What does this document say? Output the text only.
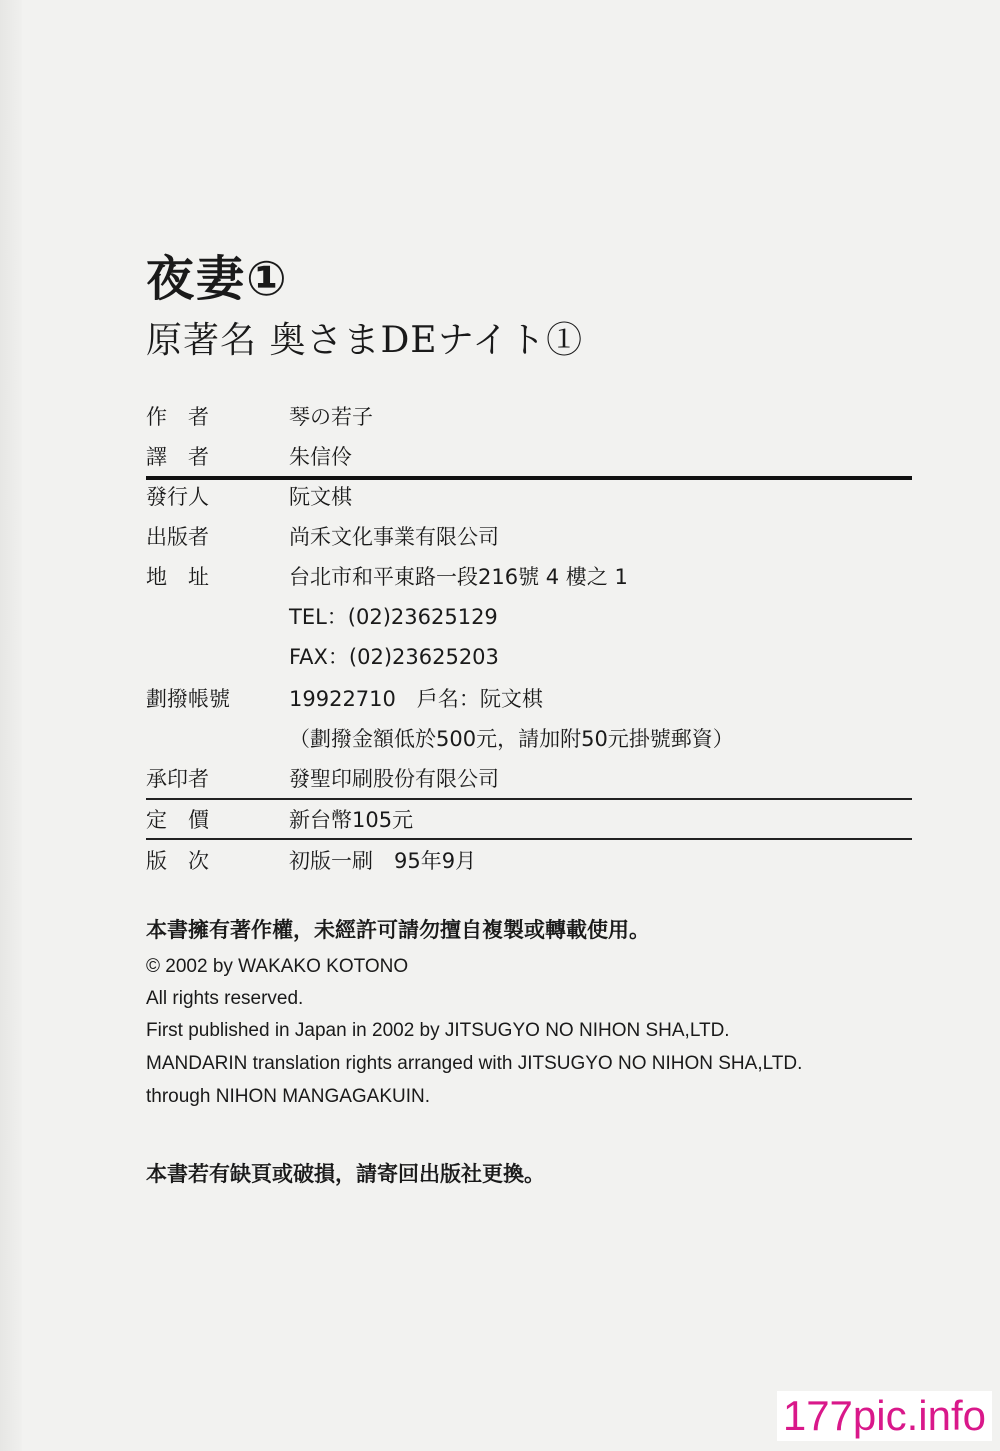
夜妻①
原著名 奥さまDEナイト①
作　者	琴の若子
譯　者	朱信伶
發行人	阮文棋
出版者	尚禾文化事業有限公司
地　址	台北市和平東路一段216號 4 樓之 1
TEL：(02)23625129
FAX：(02)23625203
劃撥帳號	19922710　戶名：阮文棋
（劃撥金額低於500元，請加附50元掛號郵資）
承印者	發聖印刷股份有限公司
定　價	新台幣105元
版　次	初版一刷　95年9月
本書擁有著作權，未經許可請勿擅自複製或轉載使用。
© 2002 by WAKAKO KOTONO
All rights reserved.
First published in Japan in 2002 by JITSUGYO NO NIHON SHA,LTD.
MANDARIN translation rights arranged with JITSUGYO NO NIHON SHA,LTD.
through NIHON MANGAGAKUIN.
本書若有缺頁或破損，請寄回出版社更換。
177pic.info
